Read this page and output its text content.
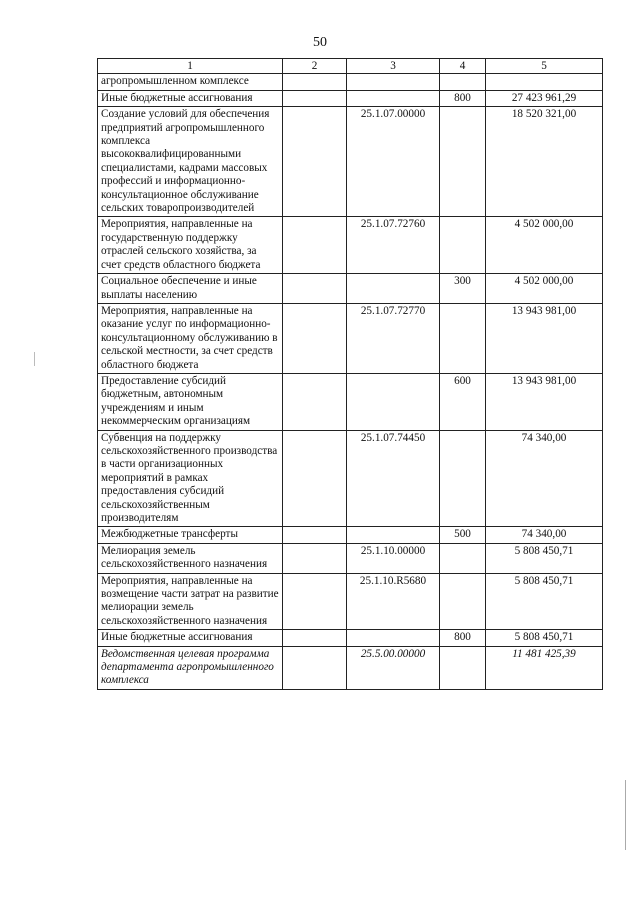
50
1	2	3	4	5
агропромышленном комплексе				
Иные бюджетные ассигнования			800	27 423 961,29
Создание условий для обеспечения предприятий агропромышленного комплекса высококвалифицированными специалистами, кадрами массовых профессий и информационно-консультационное обслуживание сельских товаропроизводителей		25.1.07.00000		18 520 321,00
Мероприятия, направленные на государственную поддержку отраслей сельского хозяйства, за счет средств областного бюджета		25.1.07.72760		4 502 000,00
Социальное обеспечение и иные выплаты населению			300	4 502 000,00
Мероприятия, направленные на оказание услуг по информационно-консультационному обслуживанию в сельской местности, за счет средств областного бюджета		25.1.07.72770		13 943 981,00
Предоставление субсидий бюджетным, автономным учреждениям и иным некоммерческим организациям			600	13 943 981,00
Субвенция на поддержку сельскохозяйственного производства в части организационных мероприятий в рамках предоставления субсидий сельскохозяйственным производителям		25.1.07.74450		74 340,00
Межбюджетные трансферты			500	74 340,00
Мелиорация земель сельскохозяйственного назначения		25.1.10.00000		5 808 450,71
Мероприятия, направленные на возмещение части затрат на развитие мелиорации земель сельскохозяйственного назначения		25.1.10.R5680		5 808 450,71
Иные бюджетные ассигнования			800	5 808 450,71
Ведомственная целевая программа департамента агропромышленного комплекса		25.5.00.00000		11 481 425,39
